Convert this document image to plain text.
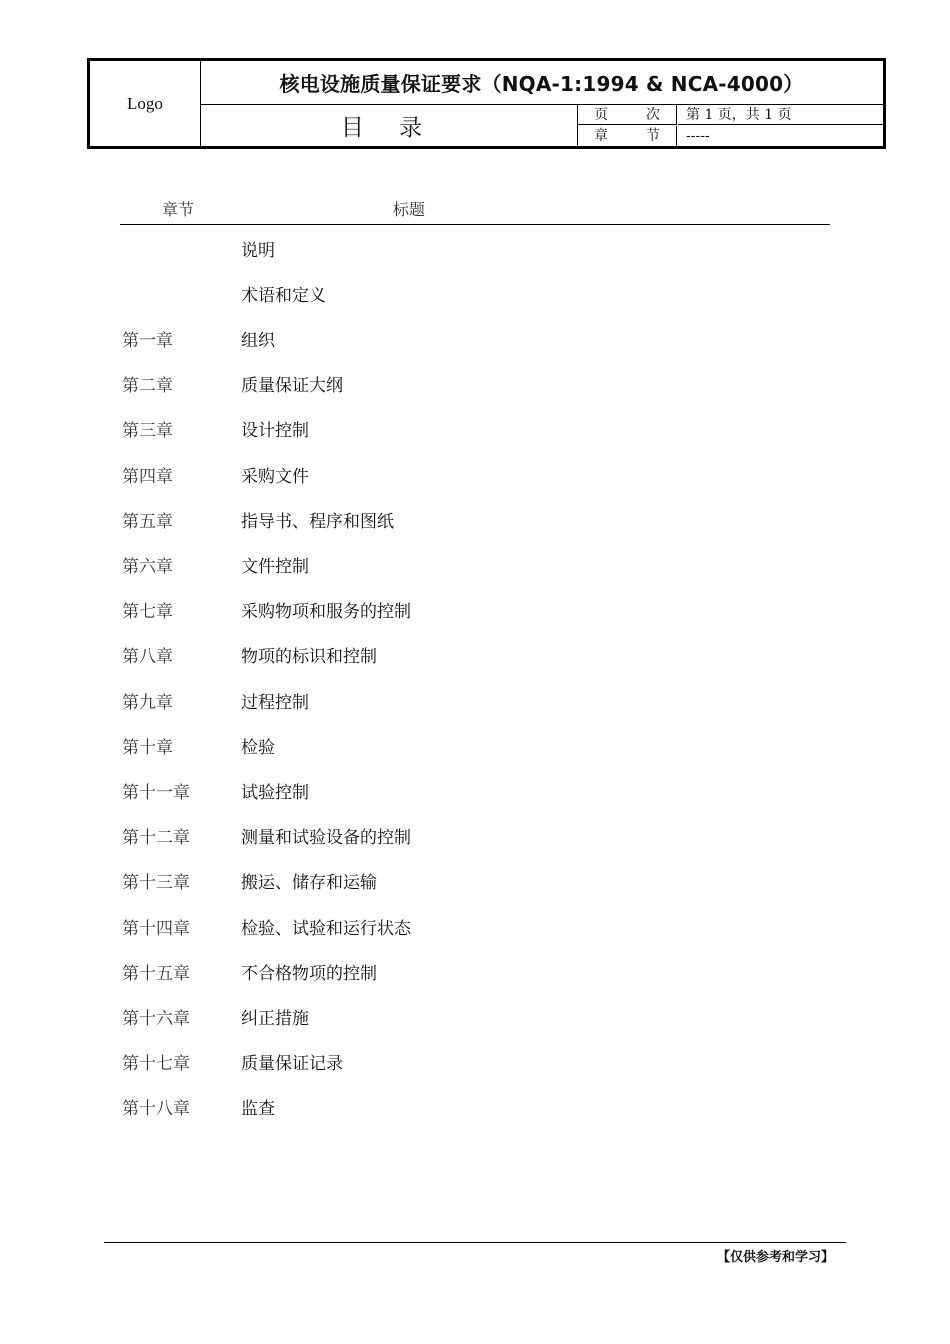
Logo
核电设施质量保证要求（NQA-1:1994 & NCA-4000）
目 录	页	次	第 1 页，共 1 页
章	节	-----
章节	标题
说明
术语和定义
第一章	组织
第二章	质量保证大纲
第三章	设计控制
第四章	采购文件
第五章	指导书、程序和图纸
第六章	文件控制
第七章	采购物项和服务的控制
第八章	物项的标识和控制
第九章	过程控制
第十章	检验
第十一章	试验控制
第十二章	测量和试验设备的控制
第十三章	搬运、储存和运输
第十四章	检验、试验和运行状态
第十五章	不合格物项的控制
第十六章	纠正措施
第十七章	质量保证记录
第十八章	监查
【仅供参考和学习】
